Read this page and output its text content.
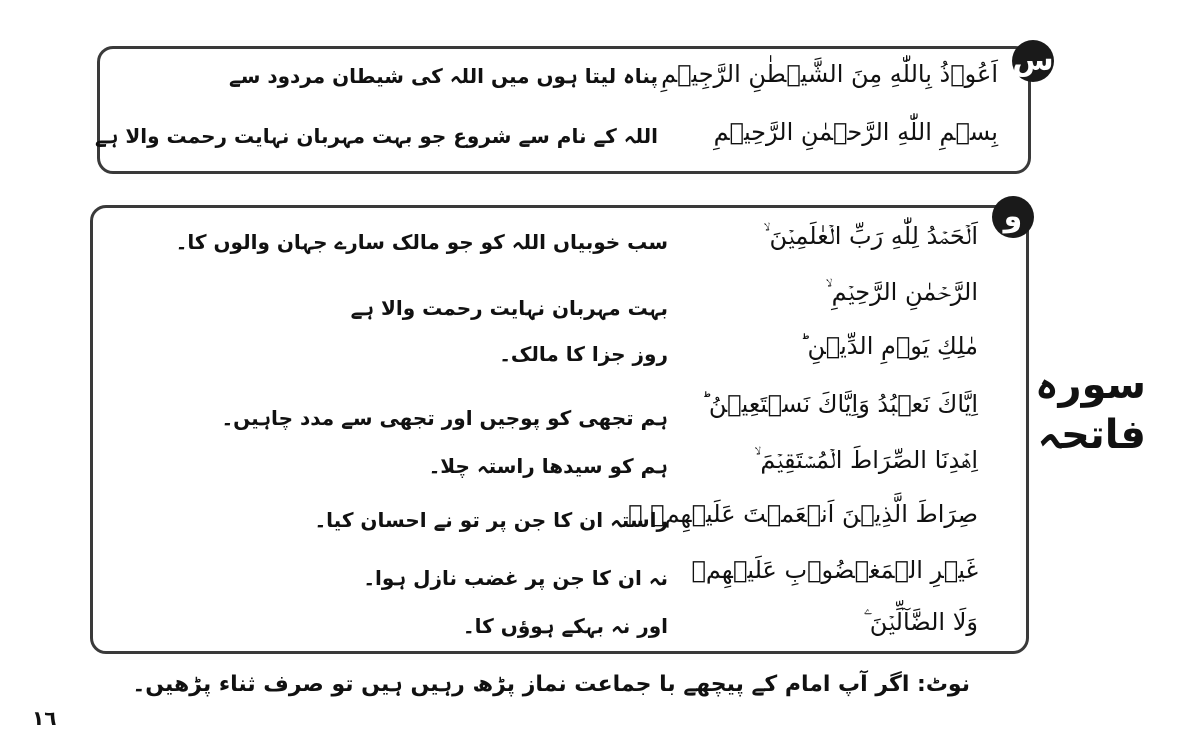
س
اَعُوۡذُ بِاللّٰهِ مِنَ الشَّيۡطٰنِ الرَّجِيۡمِ
پناہ لیتا ہوں میں اللہ کی شیطان مردود سے
بِسۡمِ اللّٰهِ الرَّحۡمٰنِ الرَّحِيۡمِ
اللہ کے نام سے شروع جو بہت مہربان نہایت رحمت والا ہے
و
سورہ
فاتحہ
اَلۡحَمۡدُ لِلّٰهِ رَبِّ الۡعٰلَمِيۡنَ ۙ
سب خوبیاں اللہ کو جو مالک سارے جہان والوں کا۔
الرَّحۡمٰنِ الرَّحِيۡمِ ۙ
بہت مہربان نہایت رحمت والا ہے
مٰلِكِ يَوۡمِ الدِّيۡنِ ؕ
روز جزا کا مالک۔
اِيَّاكَ نَعۡبُدُ وَاِيَّاكَ نَسۡتَعِيۡنُ ؕ
ہم تجھی کو پوجیں اور تجھی سے مدد چاہیں۔
اِهۡدِنَا الصِّرَاطَ الۡمُسۡتَقِيۡمَ ۙ
ہم کو سیدھا راستہ چلا۔
صِرَاطَ الَّذِيۡنَ اَنۡعَمۡتَ عَلَيۡهِمۡ ۙ
راستہ ان کا جن پر تو نے احسان کیا۔
غَيۡرِ الۡمَغۡضُوۡبِ عَلَيۡهِمۡ
نہ ان کا جن پر غضب نازل ہوا۔
وَلَا الضَّآلِّيۡنَ ۧ
اور نہ بہکے ہوؤں کا۔
نوٹ: اگر آپ امام کے پیچھے با جماعت نماز پڑھ رہیں ہیں تو صرف ثناء پڑھیں۔
١٦
